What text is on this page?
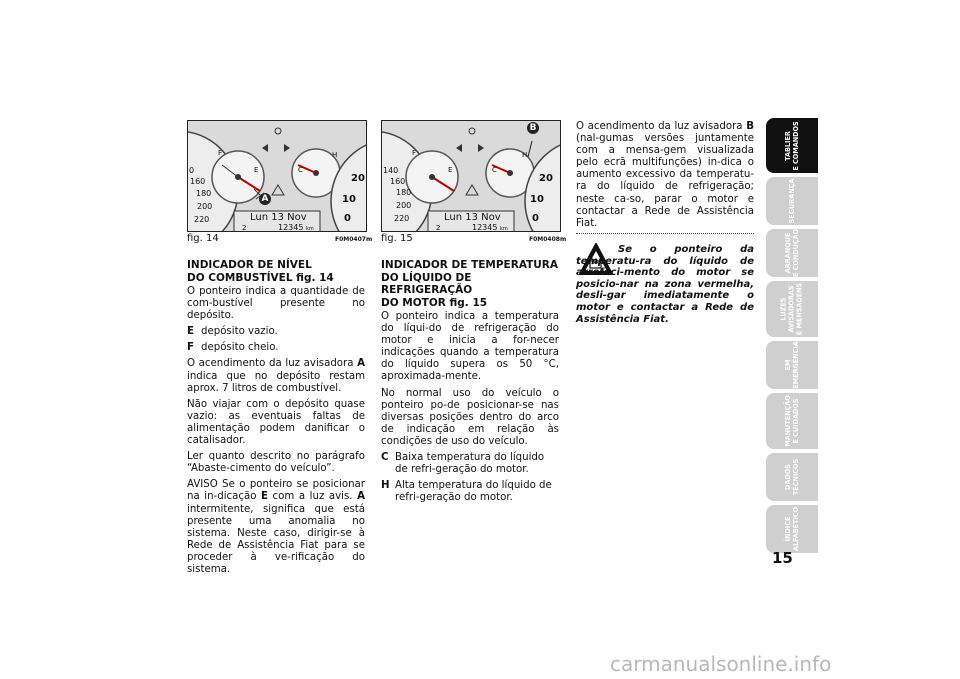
F
E	C
H
0
160
180
200
220
20
10
0
Lun 13 Nov
2	12345 km
A
fig. 14	F0M0407m
F
E	C
H
140
160
180
200
220
20
10
0
Lun 13 Nov
2	12345 km
B
fig. 15	F0M0408m
INDICADOR DE NÍVEL
DO COMBUSTÍVEL fig. 14

O ponteiro indica a quantidade de com-bustível presente no depósito.

E depósito vazio.
F depósito cheio.

O acendimento da luz avisadora A indica que no depósito restam aprox. 7 litros de combustível.

Não viajar com o depósito quase vazio: as eventuais faltas de alimentação podem danificar o catalisador.

Ler quanto descrito no parágrafo “Abaste-cimento do veículo”.

AVISO Se o ponteiro se posicionar na in-dicação E com a luz avis. A intermitente, significa que está presente uma anomalia no sistema. Neste caso, dirigir-se à Rede de Assistência Fiat para se proceder à ve-rificação do sistema.

INDICADOR DE TEMPERATURA
DO LÍQUIDO DE REFRIGERAÇÃO
DO MOTOR fig. 15

O ponteiro indica a temperatura do líqui-do de refrigeração do motor e inicia a for-necer indicações quando a temperatura do líquido supera os 50 °C, aproximada-mente.

No normal uso do veículo o ponteiro po-de posicionar-se nas diversas posições dentro do arco de indicação em relação às condições de uso do veículo.

C Baixa temperatura do líquido de refri-geração do motor.
H Alta temperatura do líquido de refri-geração do motor.

O acendimento da luz avisadora B (nal-gumas versões juntamente com a mensa-gem visualizada pelo ecrã multifunções) in-dica o aumento excessivo da temperatu-ra do líquido de refrigeração; neste ca-so, parar o motor e contactar a Rede de Assistência Fiat.

Se o ponteiro da temperatu-ra do líquido de arrefeci-mento do motor se posicio-nar na zona vermelha, desli-gar imediatamente o motor e contactar a Rede de Assistência Fiat.
TABLIER
E COMANDOS
SEGURANÇA
ARRANQUE
E CONDUÇÃO
LUZES
AVISADORAS
E MENSAGENS
EM
EMERGÊNCIA
MANUTENÇÃO
E CUIDADOS
DADOS
TÉCNICOS
ÍNDICE
ALFABÉTICO
15
carmanualsonline.info
